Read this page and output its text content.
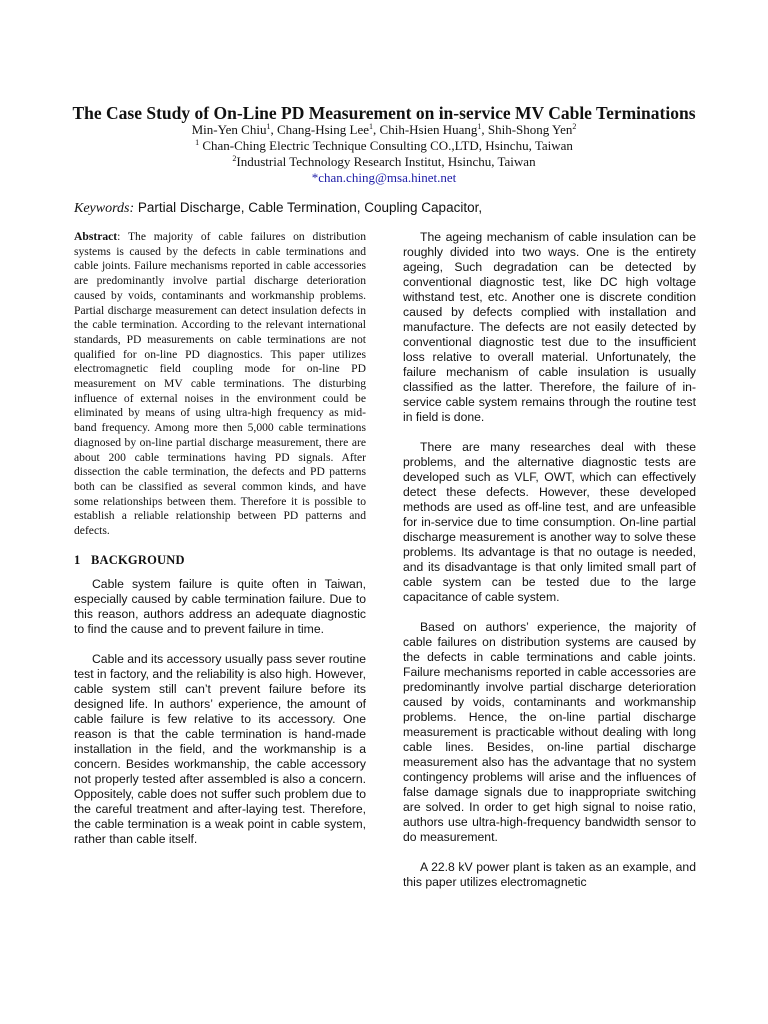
The Case Study of On-Line PD Measurement on in-service MV Cable Terminations
Min-Yen Chiu$^1$, Chang-Hsing Lee$^1$, Chih-Hsien Huang$^1$, Shih-Shong Yen$^2$
$^1$ Chan-Ching Electric Technique Consulting CO.,LTD, Hsinchu, Taiwan
$^2$Industrial Technology Research Institut, Hsinchu, Taiwan
*chan.ching@msa.hinet.net
Keywords: Partial Discharge, Cable Termination, Coupling Capacitor,

Abstract: The majority of cable failures on distribution systems is caused by the defects in cable terminations and cable joints. Failure mechanisms reported in cable accessories are predominantly involve partial discharge deterioration caused by voids, contaminants and workmanship problems. Partial discharge measurement can detect insulation defects in the cable termination. According to the relevant international standards, PD measurements on cable terminations are not qualified for on-line PD diagnostics. This paper utilizes electromagnetic field coupling mode for on-line PD measurement on MV cable terminations. The disturbing influence of external noises in the environment could be eliminated by means of using ultra-high frequency as mid-band frequency. Among more then 5,000 cable terminations diagnosed by on-line partial discharge measurement, there are about 200 cable terminations having PD signals. After dissection the cable termination, the defects and PD patterns both can be classified as several common kinds, and have some relationships between them. Therefore it is possible to establish a reliable relationship between PD patterns and defects.

1 BACKGROUND

Cable system failure is quite often in Taiwan, especially caused by cable termination failure. Due to this reason, authors address an adequate diagnostic to find the cause and to prevent failure in time.

Cable and its accessory usually pass sever routine test in factory, and the reliability is also high. However, cable system still can’t prevent failure before its designed life. In authors’ experience, the amount of cable failure is few relative to its accessory. One reason is that the cable termination is hand-made installation in the field, and the workmanship is a concern. Besides workmanship, the cable accessory not properly tested after assembled is also a concern. Oppositely, cable does not suffer such problem due to the careful treatment and after-laying test. Therefore, the cable termination is a weak point in cable system, rather than cable itself.

The ageing mechanism of cable insulation can be roughly divided into two ways. One is the entirety ageing, Such degradation can be detected by conventional diagnostic test, like DC high voltage withstand test, etc. Another one is discrete condition caused by defects complied with installation and manufacture. The defects are not easily detected by conventional diagnostic test due to the insufficient loss relative to overall material. Unfortunately, the failure mechanism of cable insulation is usually classified as the latter. Therefore, the failure of in-service cable system remains through the routine test in field is done.

There are many researches deal with these problems, and the alternative diagnostic tests are developed such as VLF, OWT, which can effectively detect these defects. However, these developed methods are used as off-line test, and are unfeasible for in-service due to time consumption. On-line partial discharge measurement is another way to solve these problems. Its advantage is that no outage is needed, and its disadvantage is that only limited small part of cable system can be tested due to the large capacitance of cable system.

Based on authors’ experience, the majority of cable failures on distribution systems are caused by the defects in cable terminations and cable joints. Failure mechanisms reported in cable accessories are predominantly involve partial discharge deterioration caused by voids, contaminants and workmanship problems. Hence, the on-line partial discharge measurement is practicable without dealing with long cable lines. Besides, on-line partial discharge measurement also has the advantage that no system contingency problems will arise and the influences of false damage signals due to inappropriate switching are solved. In order to get high signal to noise ratio, authors use ultra-high-frequency bandwidth sensor to do measurement.

A 22.8 kV power plant is taken as an example, and this paper utilizes electromagnetic
